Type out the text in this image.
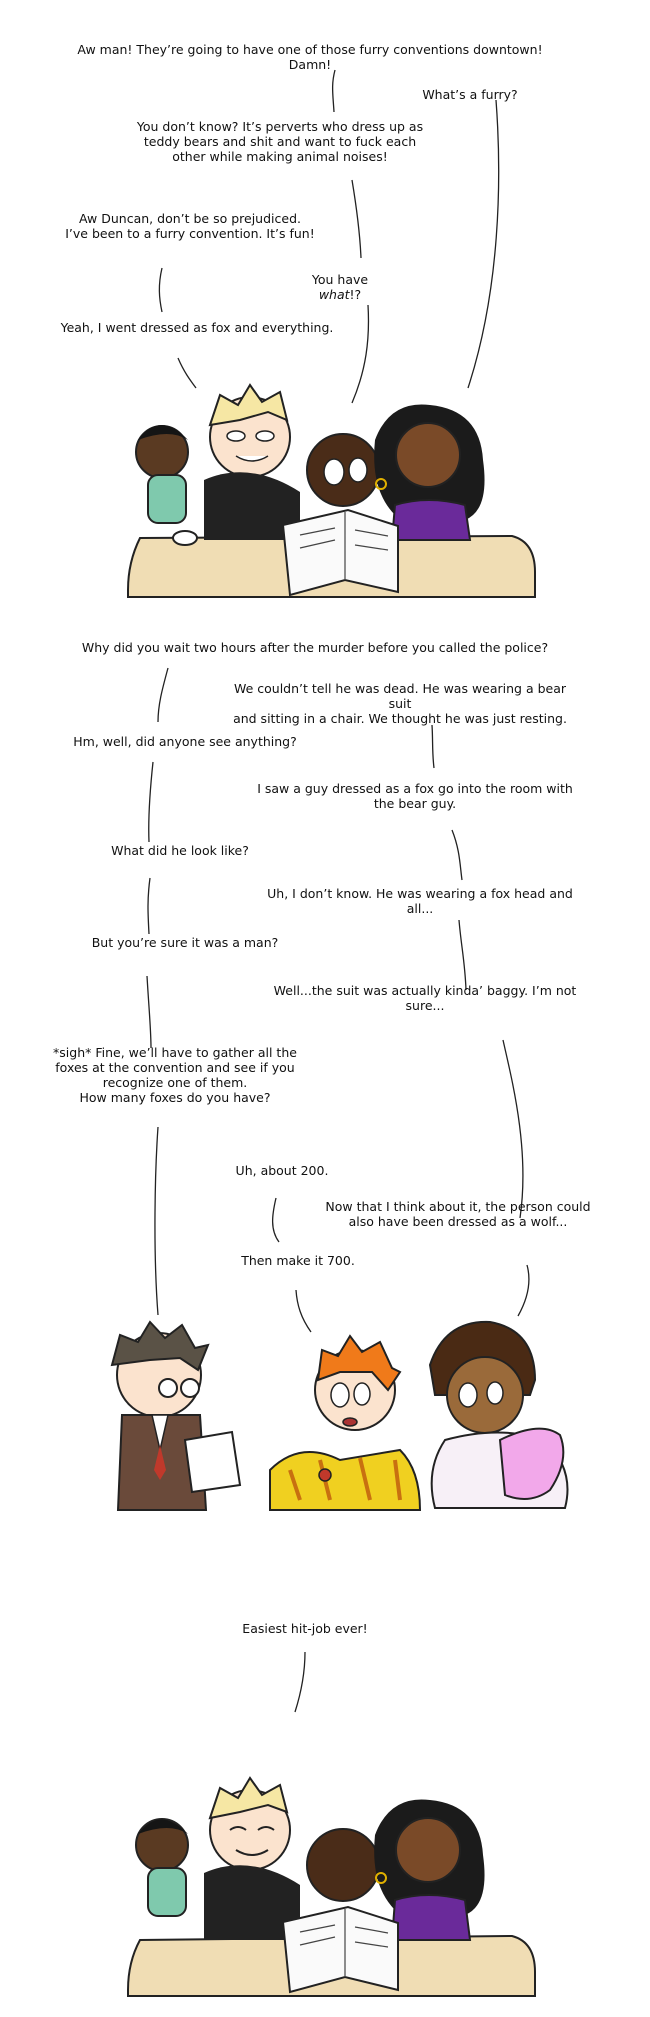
Aw man! They’re going to have one of those furry conventions downtown! Damn!
What’s a furry?
You don’t know? It’s perverts who dress up as
teddy bears and shit and want to fuck each
other while making animal noises!
Aw Duncan, don’t be so prejudiced.
I’ve been to a furry convention. It’s fun!
You have what!?
Yeah, I went dressed as fox and everything.
Why did you wait two hours after the murder before you called the police?
We couldn’t tell he was dead. He was wearing a bear suit
and sitting in a chair. We thought he was just resting.
Hm, well, did anyone see anything?
I saw a guy dressed as a fox go into the room with
the bear guy.
What did he look like?
Uh, I don’t know. He was wearing a fox head and all...
But you’re sure it was a man?
Well...the suit was actually kinda’ baggy. I’m not sure...
*sigh* Fine, we’ll have to gather all the
foxes at the convention and see if you
recognize one of them.
How many foxes do you have?
Uh, about 200.
Now that I think about it, the person could
also have been dressed as a wolf...
Then make it 700.
Easiest hit-job ever!
